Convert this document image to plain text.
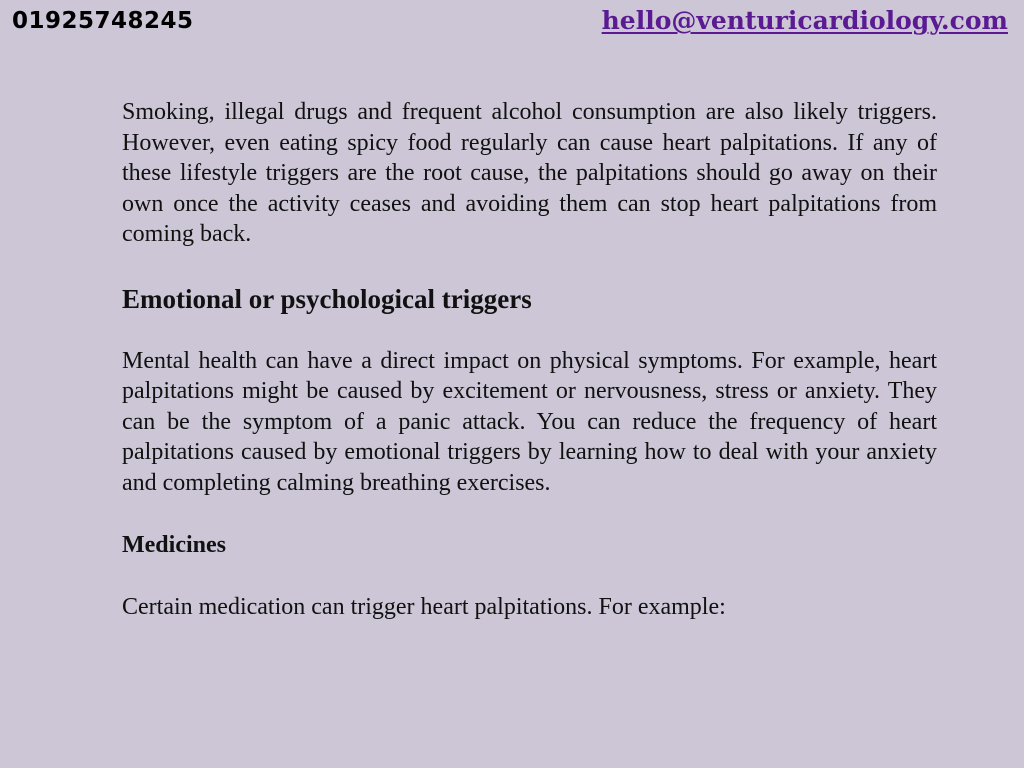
01925748245	hello@venturicardiology.com

Smoking, illegal drugs and frequent alcohol consumption are also likely triggers. However, even eating spicy food regularly can cause heart palpitations. If any of these lifestyle triggers are the root cause, the palpitations should go away on their own once the activity ceases and avoiding them can stop heart palpitations from coming back.

Emotional or psychological triggers

Mental health can have a direct impact on physical symptoms. For example, heart palpitations might be caused by excitement or nervousness, stress or anxiety. They can be the symptom of a panic attack. You can reduce the frequency of heart palpitations caused by emotional triggers by learning how to deal with your anxiety and completing calming breathing exercises.

Medicines

Certain medication can trigger heart palpitations. For example:
